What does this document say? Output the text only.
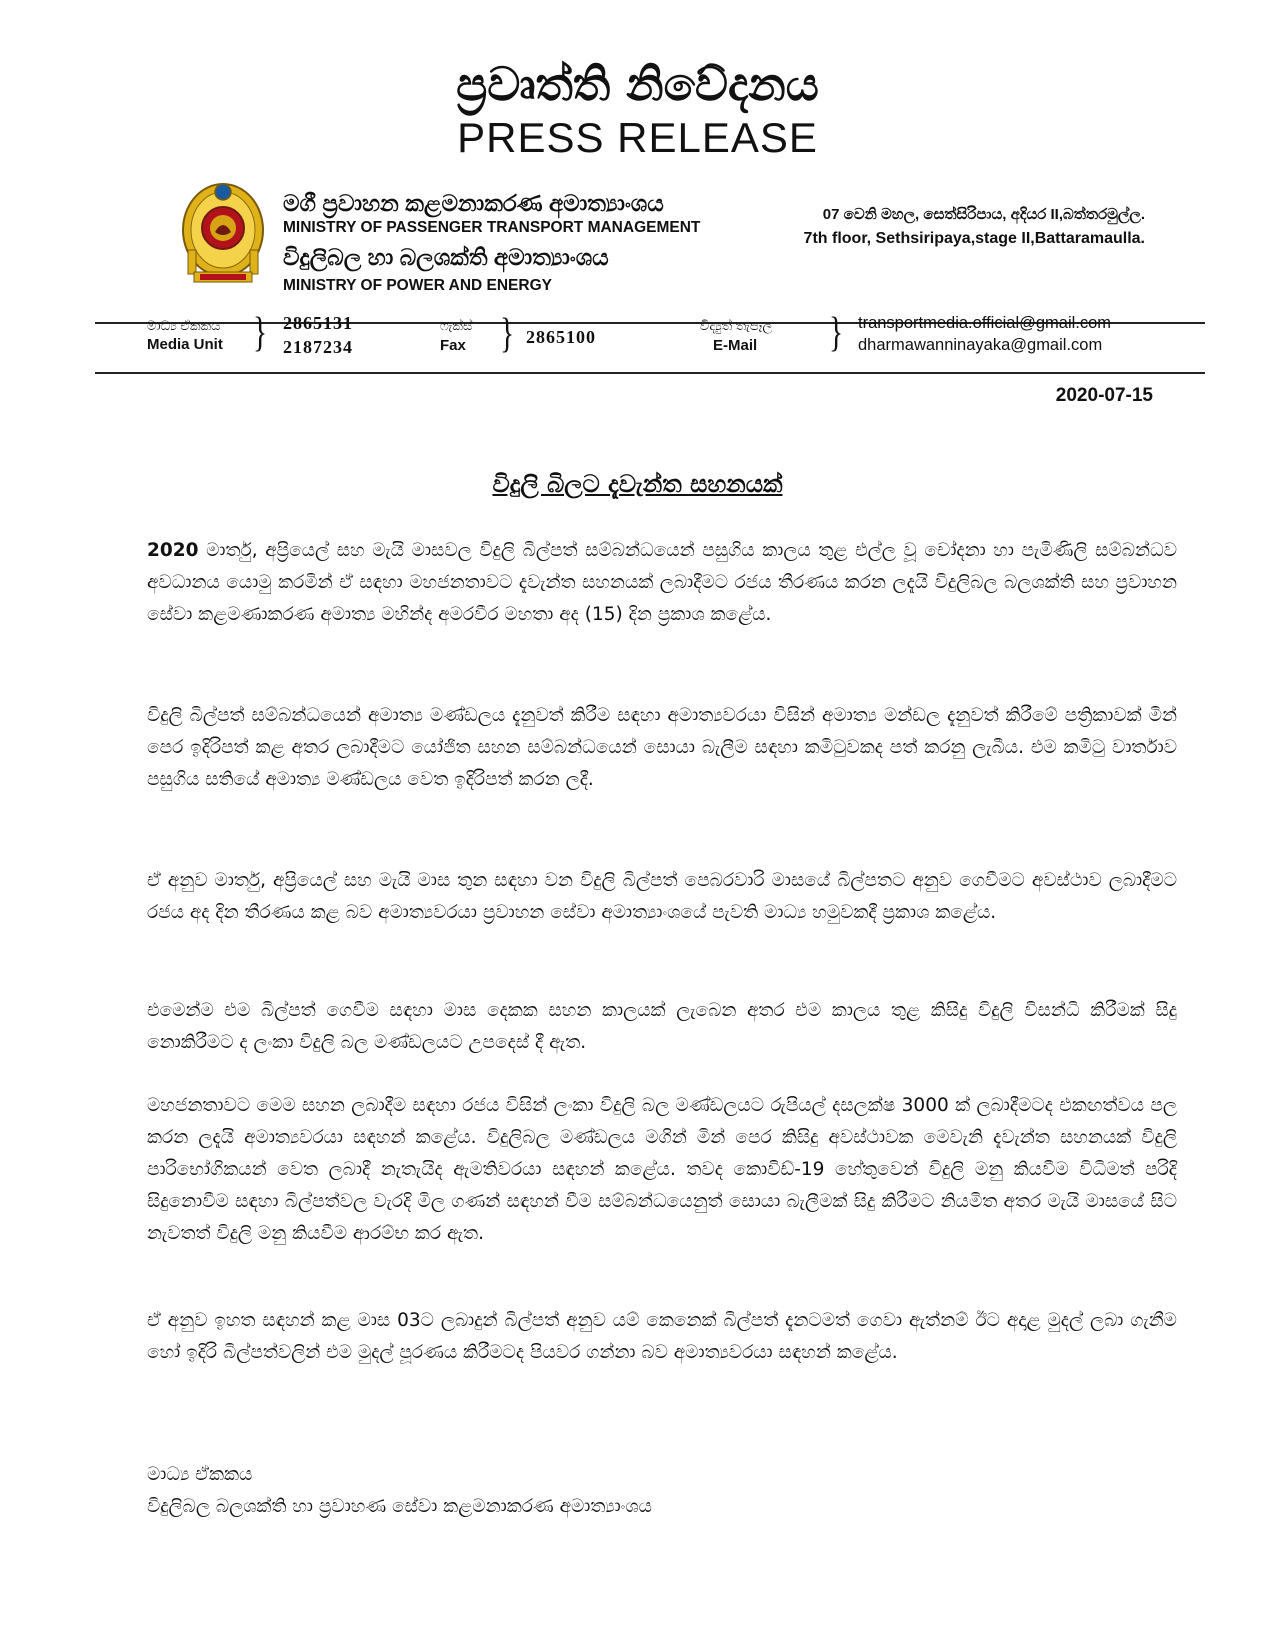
ප්‍රවෘත්ති නිවේදනය
PRESS RELEASE
මගී ප්‍රවාහන කළමනාකරණ අමාත්‍යාංශය
MINISTRY OF PASSENGER TRANSPORT MANAGEMENT
විදුලිබල හා බලශක්ති අමාත්‍යාංශය
MINISTRY OF POWER AND ENERGY
07 වෙනි මහල, සෙත්සිරිපාය, අදියර II,බත්තරමුල්ල.
7th floor, Sethsiripaya,stage II,Battaramaulla.
මාධ්‍ය ඒකකය
Media Unit } 2865131
2187234
ෆැක්ස්
Fax } 2865100
විද්‍යුත් තැපෑල
E-Mail } transportmedia.official@gmail.com
dharmawanninayaka@gmail.com
2020-07-15
විදුලි බිලට දැවැන්ත සහනයක්

2020 මාර්තු, අප්‍රියෙල් සහ මැයි මාසවල විදුලි බිල්පත් සම්බන්ධයෙන් පසුගිය කාලය තුළ එල්ල වූ චෝදනා හා පැමිණිලි සම්බන්ධව අවධානය යොමු කරමින් ඒ සඳහා මහජනතාවට දැවැන්ත සහනයක් ලබාදීමට රජය තීරණය කරන ලදැයි විදුලිබල බලශක්ති සහ ප්‍රවාහන සේවා කළමණාකරණ අමාත්‍ය මහින්ද අමරවීර මහතා අද (15) දින ප්‍රකාශ කළේය.

විදුලි බිල්පත් සම්බන්ධයෙන් අමාත්‍ය මණ්ඩලය දැනුවත් කිරීම සඳහා අමාත්‍යවරයා විසින් අමාත්‍ය මන්ඩල දැනුවත් කිරීමේ පත්‍රිකාවක් මින් පෙර ඉදිරිපත් කළ අතර ලබාදීමට යෝජිත සහන සම්බන්ධයෙන් සොයා බැලීම සඳහා කමිටුවකද පත් කරනු ලැබීය. එම කමිටු වාර්තාව පසුගිය සතියේ අමාත්‍ය මණ්ඩලය වෙත ඉදිරිපත් කරන ලදී.

ඒ අනුව මාර්තු, අප්‍රියෙල් සහ මැයි මාස තුන සඳහා වන විදුලි බිල්පත් පෙබරවාරි මාසයේ බිල්පතට අනුව ගෙවීමට අවස්ථාව ලබාදීමට රජය අද දින තීරණය කළ බව අමාත්‍යවරයා ප්‍රවාහන සේවා අමාත්‍යාංශයේ පැවති මාධ්‍ය හමුවකදී ප්‍රකාශ කළේය.

එමෙන්ම එම බිල්පත් ගෙවීම සඳහා මාස දෙකක සහන කාලයක් ලැබෙන අතර එම කාලය තුළ කිසිදු විදුලි විසන්ධි කිරීමක් සිදු නොකිරීමට ද ලංකා විදුලි බල මණ්ඩලයට උපදෙස් දී ඇත.

මහජනතාවට මෙම සහන ලබාදීම සඳහා රජය විසින් ලංකා විදුලි බල මණ්ඩලයට රුපියල් දසලක්ෂ 3000 ක් ලබාදීමටද එකඟත්වය පල කරන ලදැයි අමාත්‍යවරයා සඳහන් කළේය. විදුලිබල මණ්ඩලය මගින් මින් පෙර කිසිදු අවස්ථාවක මෙවැනි දැවැන්ත සහනයක් විදුලි පාරිභෝගිකයන් වෙත ලබාදී නැතැයිද ඇමතිවරයා සඳහන් කළේය. තවද කොවිඩ්-19 හේතුවෙන් විදුලි මනු කියවීම විධිමත් පරිදි සිදුනොවීම සඳහා බිල්පත්වල වැරදි මිල ගණන් සඳහන් වීම සම්බන්ධයෙනුත් සොයා බැලීමක් සිදු කිරීමට නියමිත අතර මැයි මාසයේ සිට නැවතත් විදුලි මනු කියවීම ආරම්භ කර ඇත.

ඒ අනුව ඉහත සඳහන් කළ මාස 03ට ලබාදුන් බිල්පත් අනුව යම් කෙනෙක් බිල්පත් දැනටමත් ගෙවා ඇත්නම් ඊට අදාළ මුදල් ලබා ගැනීම හෝ ඉදිරි බිල්පත්වලින් එම මුදල් පූරණය කිරීමටද පියවර ගන්නා බව අමාත්‍යවරයා සඳහන් කළේය.

මාධ්‍ය ඒකකය
විදුලිබල බලශක්ති හා ප්‍රවාහණ සේවා කළමනාකරණ අමාත්‍යාංශය
